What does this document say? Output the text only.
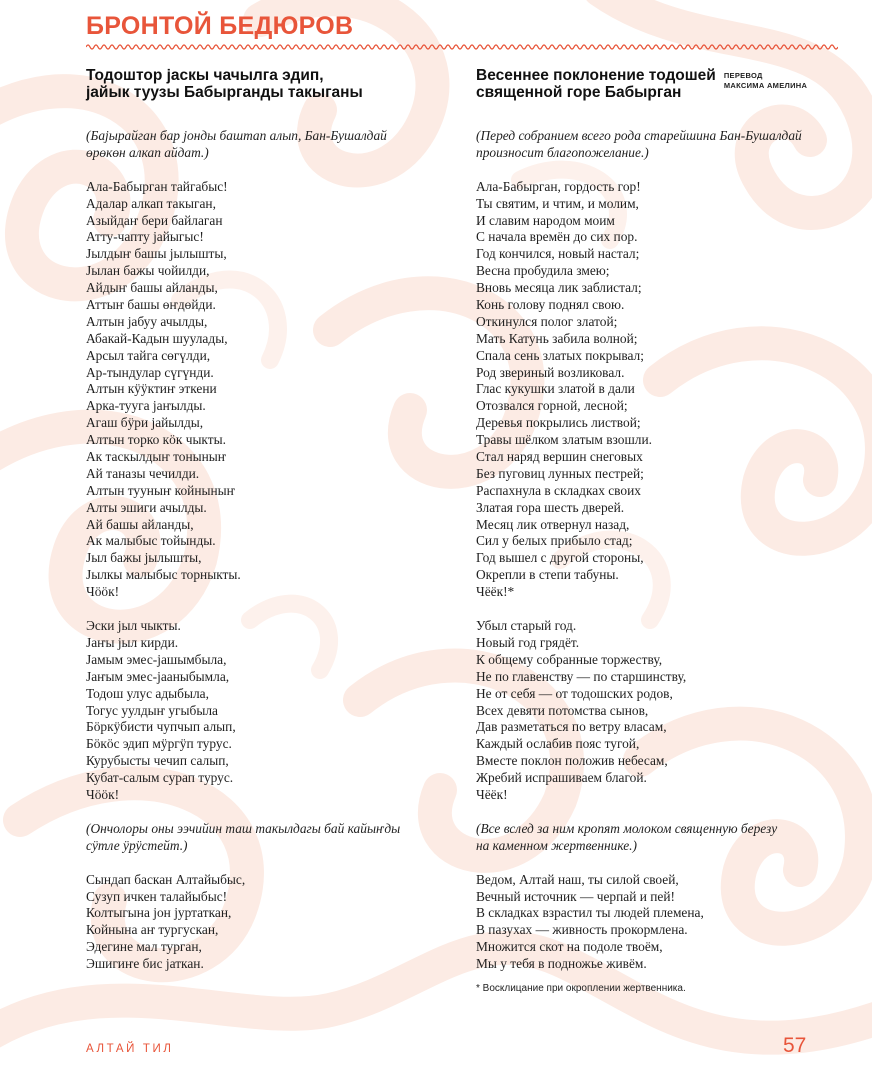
БРОНТОЙ БЕДЮРОВ
Тодоштор јаскы чачылга эдип,
јайык туузы Бабырганды такыганы
(Бајырайган бар јонды баштап алып, Бан-Бушалдай
өрөкөн алкап айдат.)
Ала-Бабырган тайгабыс!
Адалар алкап такыган,
Азыйдаҥ бери байлаган
Атту-чапту јайыгыс!
Јылдыҥ башы јылышты,
Јылан бажы чойилди,
Айдыҥ башы айланды,
Аттыҥ башы өҥдөйди.
Алтын јабуу ачылды,
Абакай-Кадын шуулады,
Арсыл тайга сөгүлди,
Ар-тындулар сүгүнди.
Алтын кӱӱктиҥ эткени
Арка-тууга јаҥылды.
Агаш бӱри јайылды,
Алтын торко кӧк чыкты.
Ак таскылдыҥ тоныныҥ
Ай таназы чечилди.
Алтын тууныҥ койныныҥ
Алты эшиги ачылды.
Ай башы айланды,
Ак малыбыс тойынды.
Јыл бажы јылышты,
Јылкы малыбыс торныкты.
Чӧӧк!
Эски јыл чыкты.
Јаҥы јыл кирди.
Јамым эмес-јашымбыла,
Јаҥым эмес-јааныбымла,
Тодош улус адыбыла,
Тогус уулдыҥ угыбыла
Бӧркӱбисти чупчып алып,
Бӧкӧс эдип мӱргӱп турус.
Курубысты чечип салып,
Кубат-салым сурап турус.
Чӧӧк!
(Ончолоры оны ээчийин таш такылдагы бай кайыҥды
сӱтле ӱрӱстейт.)
Сындап баскан Алтайыбыс,
Сузуп ичкен талайыбыс!
Колтыгына јон јуртаткан,
Койнына аҥ тургускан,
Эдегине мал турган,
Эшигиҥе бис јаткан.
Весеннее поклонение тодошей
священной горе Бабырган
ПЕРЕВОД
МАКСИМА АМЕЛИНА
(Перед собранием всего рода старейшина Бан-Бушалдай
произносит благопожелание.)
Ала-Бабырган, гордость гор!
Ты святим, и чтим, и молим,
И славим народом моим
С начала времён до сих пор.
Год кончился, новый настал;
Весна пробудила змею;
Вновь месяца лик заблистал;
Конь голову поднял свою.
Откинулся полог златой;
Мать Катунь забила волной;
Спала сень златых покрывал;
Род звериный возликовал.
Глас кукушки златой в дали
Отозвался горной, лесной;
Деревья покрылись листвой;
Травы шёлком златым взошли.
Стал наряд вершин снеговых
Без пуговиц лунных пестрей;
Распахнула в складках своих
Златая гора шесть дверей.
Месяц лик отвернул назад,
Сил у белых прибыло стад;
Год вышел с другой стороны,
Окрепли в степи табуны.
Чёёк!*
Убыл старый год.
Новый год грядёт.
К общему собранные торжеству,
Не по главенству — по старшинству,
Не от себя — от тодошских родов,
Всех девяти потомства сынов,
Дав разметаться по ветру власам,
Каждый ослабив пояс тугой,
Вместе поклон положив небесам,
Жребий испрашиваем благой.
Чёёк!
(Все вслед за ним кропят молоком священную березу
на каменном жертвеннике.)
Ведом, Алтай наш, ты силой своей,
Вечный источник — черпай и пей!
В складках взрастил ты людей племена,
В пазухах — живность прокормлена.
Множится скот на подоле твоём,
Мы у тебя в подножье живём.

* Восклицание при окроплении жертвенника.

АЛТАЙ ТИЛ	57
